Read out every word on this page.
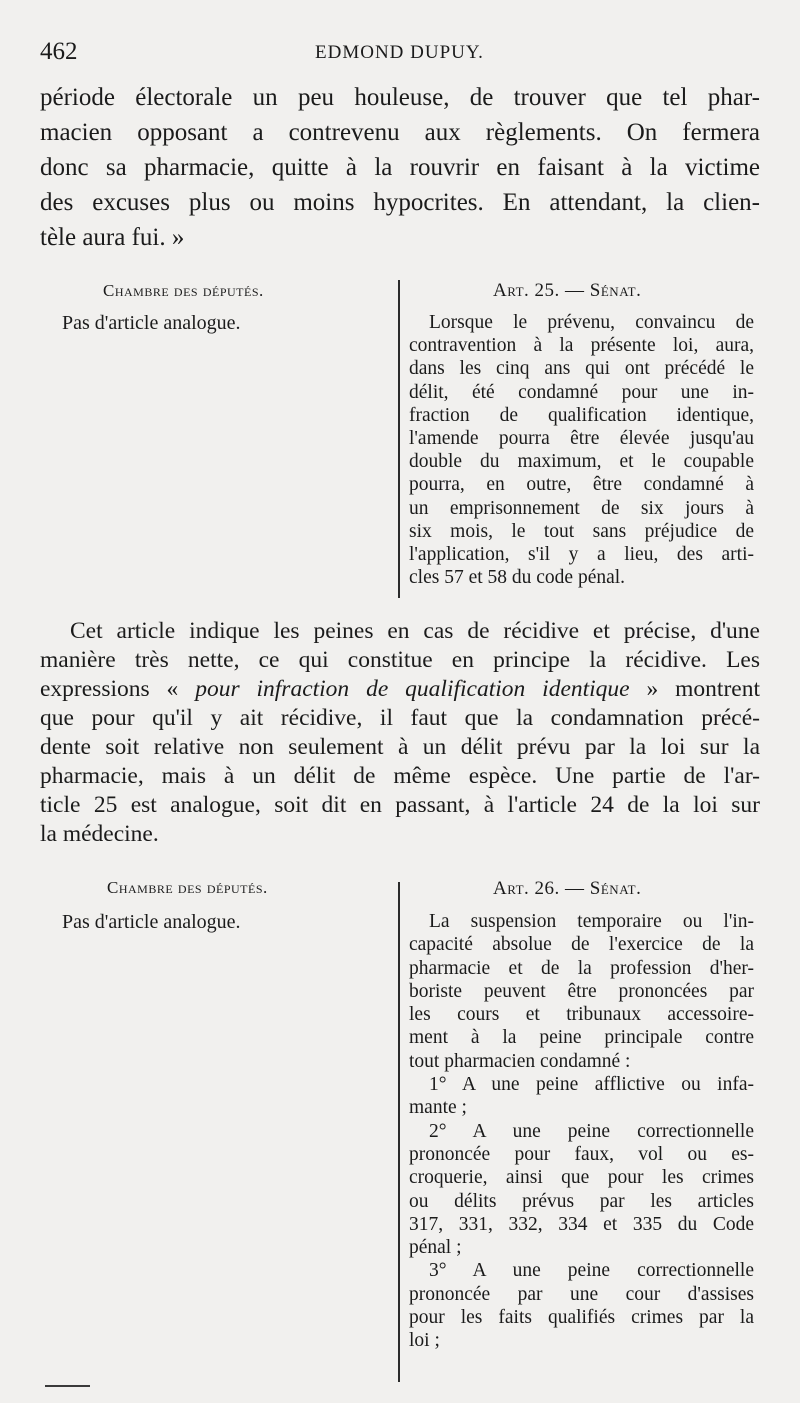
462	EDMOND DUPUY.
période électorale un peu houleuse, de trouver que tel phar-
macien opposant a contrevenu aux règlements. On fermera
donc sa pharmacie, quitte à la rouvrir en faisant à la victime
des excuses plus ou moins hypocrites. En attendant, la clien-
tèle aura fui. »
Chambre des députés.
Pas d'article analogue.
Art. 25. — Sénat.
Lorsque le prévenu, convaincu de
contravention à la présente loi, aura,
dans les cinq ans qui ont précédé le
délit, été condamné pour une in-
fraction de qualification identique,
l'amende pourra être élevée jusqu'au
double du maximum, et le coupable
pourra, en outre, être condamné à
un emprisonnement de six jours à
six mois, le tout sans préjudice de
l'application, s'il y a lieu, des arti-
cles 57 et 58 du code pénal.
Cet article indique les peines en cas de récidive et précise, d'une
manière très nette, ce qui constitue en principe la récidive. Les
expressions « pour infraction de qualification identique » montrent
que pour qu'il y ait récidive, il faut que la condamnation précé-
dente soit relative non seulement à un délit prévu par la loi sur la
pharmacie, mais à un délit de même espèce. Une partie de l'ar-
ticle 25 est analogue, soit dit en passant, à l'article 24 de la loi sur
la médecine.
Chambre des députés.
Pas d'article analogue.
Art. 26. — Sénat.
La suspension temporaire ou l'in-
capacité absolue de l'exercice de la
pharmacie et de la profession d'her-
boriste peuvent être prononcées par
les cours et tribunaux accessoire-
ment à la peine principale contre
tout pharmacien condamné :
1° A une peine afflictive ou infa-
mante ;
2° A une peine correctionnelle
prononcée pour faux, vol ou es-
croquerie, ainsi que pour les crimes
ou délits prévus par les articles
317, 331, 332, 334 et 335 du Code
pénal ;
3° A une peine correctionnelle
prononcée par une cour d'assises
pour les faits qualifiés crimes par la
loi ;
